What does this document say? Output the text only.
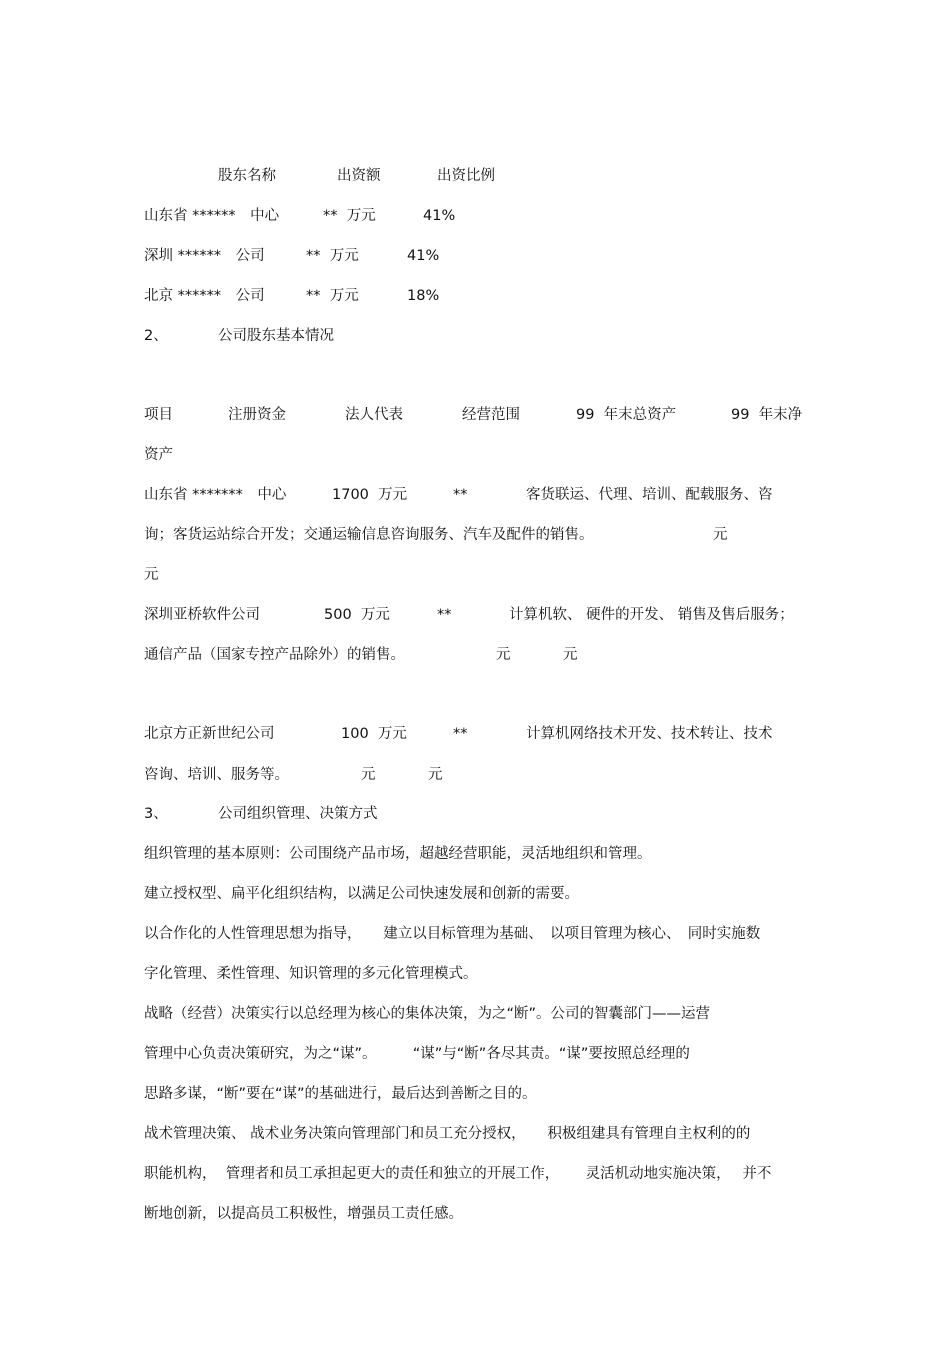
股东名称	出资额	出资比例
山东省 ******　中心	**  万元	41%
深圳 ******　公司	**  万元	41%
北京 ******　公司	**  万元	18%
2、	公司股东基本情况
项目	注册资金	法人代表	经营范围	99  年末总资产	99  年末净
资产
山东省 *******　中心	1700  万元	**	客货联运、代理、培训、配载服务、咨
询；客货运站综合开发；交通运输信息咨询服务、汽车及配件的销售。	元
元
深圳亚桥软件公司	500  万元	**	计算机软、 硬件的开发、 销售及售后服务；
通信产品（国家专控产品除外）的销售。	元	元
北京方正新世纪公司	100  万元	**	计算机网络技术开发、技术转让、技术
咨询、培训、服务等。	元	元
3、	公司组织管理、决策方式
组织管理的基本原则：公司围绕产品市场，超越经营职能，灵活地组织和管理。
建立授权型、扁平化组织结构，以满足公司快速发展和创新的需要。
以合作化的人性管理思想为指导，　　建立以目标管理为基础、　以项目管理为核心、　同时实施数
字化管理、柔性管理、知识管理的多元化管理模式。
战略（经营）决策实行以总经理为核心的集体决策，为之“断”。公司的智囊部门——运营
管理中心负责决策研究，为之“谋”。　　　“谋”与“断”各尽其责。“谋”要按照总经理的
思路多谋，“断”要在“谋”的基础进行，最后达到善断之目的。
战术管理决策、 战术业务决策向管理部门和员工充分授权，　　积极组建具有管理自主权利的的
职能机构，  管理者和员工承担起更大的责任和独立的开展工作，　　 灵活机动地实施决策，　 并不
断地创新，以提高员工积极性，增强员工责任感。
